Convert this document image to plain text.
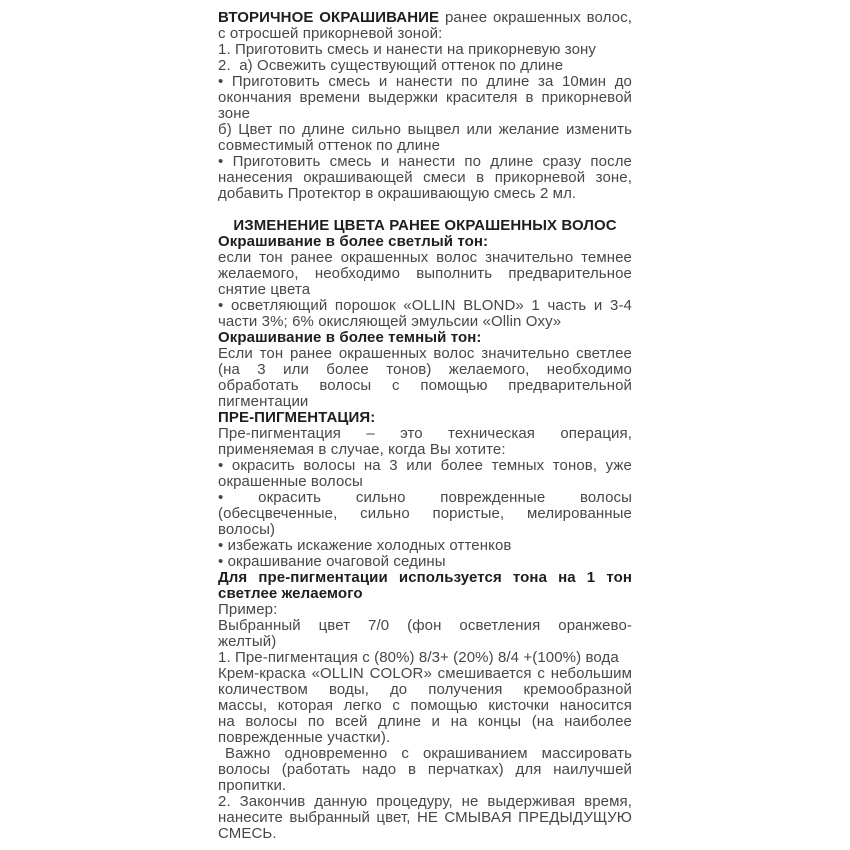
ВТОРИЧНОЕ ОКРАШИВАНИЕ ранее окрашенных волос,
с отросшей прикорневой зоной:
1. Приготовить смесь и нанести на прикорневую зону
2.  а) Освежить существующий оттенок по длине
• Приготовить смесь и нанести по длине за 10мин до
окончания времени выдержки красителя в прикорневой
зоне
б) Цвет по длине сильно выцвел или желание изменить
совместимый оттенок по длине
• Приготовить смесь и нанести по длине сразу после
нанесения окрашивающей смеси в прикорневой зоне,
добавить Протектор в окрашивающую смесь 2 мл.
ИЗМЕНЕНИЕ ЦВЕТА РАНЕЕ ОКРАШЕННЫХ ВОЛОС
Окрашивание в более светлый тон:
если тон ранее окрашенных волос значительно темнее
желаемого, необходимо выполнить предварительное
снятие цвета
• осветляющий порошок «OLLIN BLOND» 1 часть и 3-4
части 3%; 6% окисляющей эмульсии «Ollin Oxy»
Окрашивание в более темный тон:
Если тон ранее окрашенных волос значительно светлее
(на 3 или более тонов) желаемого, необходимо
обработать волосы с помощью предварительной
пигментации
ПРЕ-ПИГМЕНТАЦИЯ:
Пре-пигментация – это техническая операция,
применяемая в случае, когда Вы хотите:
• окрасить волосы на 3 или более темных тонов, уже
окрашенные волосы
• окрасить сильно поврежденные волосы
(обесцвеченные, сильно пористые, мелированные
волосы)
• избежать искажение холодных оттенков
• окрашивание очаговой седины
Для пре-пигментации используется тона на 1 тон
светлее желаемого
Пример:
Выбранный цвет 7/0 (фон осветления оранжево-
желтый)
1. Пре-пигментация с (80%) 8/3+ (20%) 8/4 +(100%) вода
Крем-краска «OLLIN COLOR» смешивается с небольшим
количеством воды, до получения кремообразной
массы, которая легко с помощью кисточки наносится
на волосы по всей длине и на концы (на наиболее
поврежденные участки).
Важно одновременно с окрашиванием массировать
волосы (работать надо в перчатках) для наилучшей
пропитки.
2. Закончив данную процедуру, не выдерживая время,
нанесите выбранный цвет, НЕ СМЫВАЯ ПРЕДЫДУЩУЮ
СМЕСЬ.
